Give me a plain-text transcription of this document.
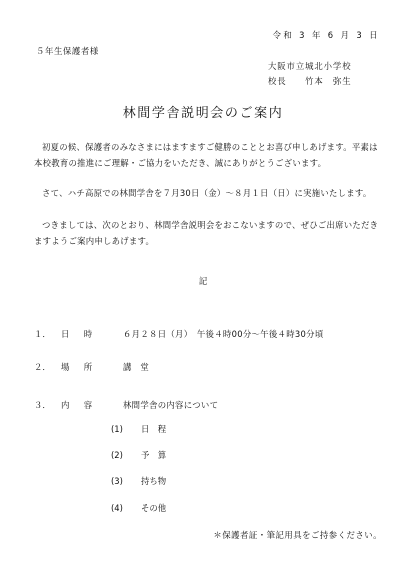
令和 3 年 6 月 3 日
５年生保護者様
大阪市立城北小学校
校長　　竹本　弥生
林間学舎説明会のご案内
初夏の候、保護者のみなさまにはますますご健勝のこととお喜び申しあげます。平素は本校教育の推進にご理解・ご協力をいただき、誠にありがとうございます。
さて、ハチ高原での林間学舎を７月30日（金）～８月１日（日）に実施いたします。
つきましては、次のとおり、林間学舎説明会をおこないますので、ぜひご出席いただきますようご案内申しあげます。
記
１． 日　時	６月２８日（月）　午後４時00分～午後４時30分頃
２． 場　所	講　堂
３． 内　容	林間学舎の内容について
(1) 日　程
(2) 予　算
(3) 持ち物
(4) その他
＊保護者証・筆記用具をご持参ください。
